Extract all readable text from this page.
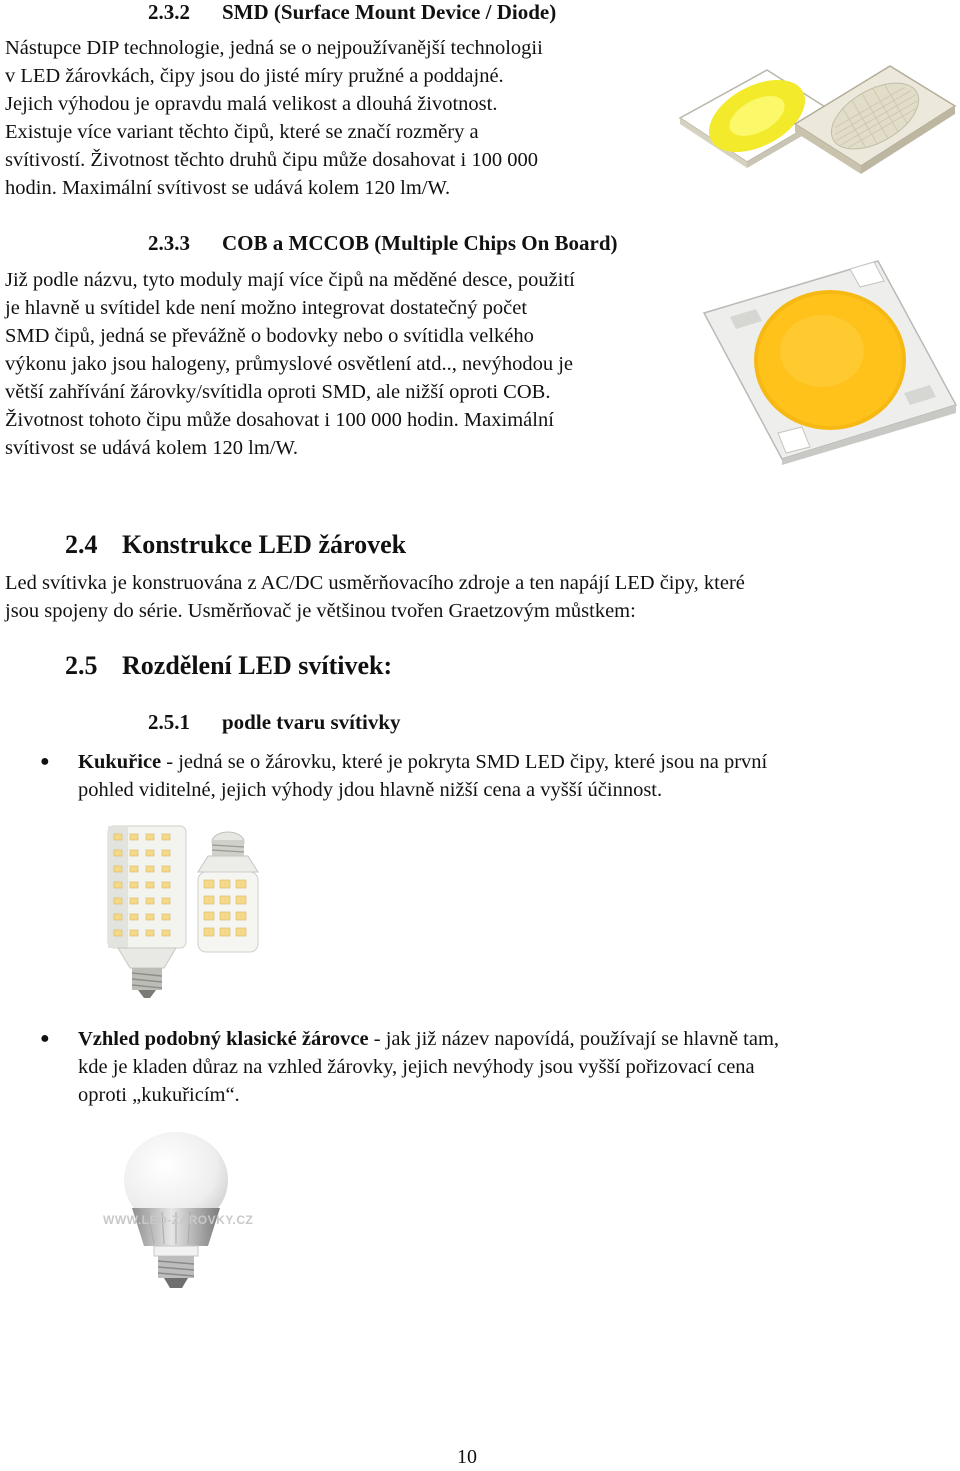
2.3.2 SMD (Surface Mount Device / Diode)
Nástupce DIP technologie, jedná se o nejpoužívanější technologii
v LED žárovkách, čipy jsou do jisté míry pružné a poddajné.
Jejich výhodou je opravdu malá velikost a dlouhá životnost.
Existuje více variant těchto čipů, které se značí rozměry a
svítivostí. Životnost těchto druhů čipu může dosahovat i 100 000
hodin. Maximální svítivost se udává kolem 120 lm/W.
2.3.3 COB a MCCOB (Multiple Chips On Board)
Již podle názvu, tyto moduly mají více čipů na měděné desce, použití
je hlavně u svítidel kde není možno integrovat dostatečný počet
SMD čipů, jedná se převážně o bodovky nebo o svítidla velkého
výkonu jako jsou halogeny, průmyslové osvětlení atd.., nevýhodou je
větší zahřívání žárovky/svítidla oproti SMD, ale nižší oproti COB.
Životnost tohoto čipu může dosahovat i 100 000 hodin. Maximální
svítivost se udává kolem 120 lm/W.
2.4 Konstrukce LED žárovek
Led svítivka je konstruována z AC/DC usměrňovacího zdroje a ten napájí LED čipy, které
jsou spojeny do série. Usměrňovač je většinou tvořen Graetzovým můstkem:
2.5 Rozdělení LED svítivek:
2.5.1 podle tvaru svítivky
● Kukuřice - jedná se o žárovku, které je pokryta SMD LED čipy, které jsou na první
pohled viditelné, jejich výhody jdou hlavně nižší cena a vyšší účinnost.
● Vzhled podobný klasické žárovce - jak již název napovídá, používají se hlavně tam,
kde je kladen důraz na vzhled žárovky, jejich nevýhody jsou vyšší pořizovací cena
oproti „kukuřicím“.
WWW.LED-ZAROVKY.CZ
10
